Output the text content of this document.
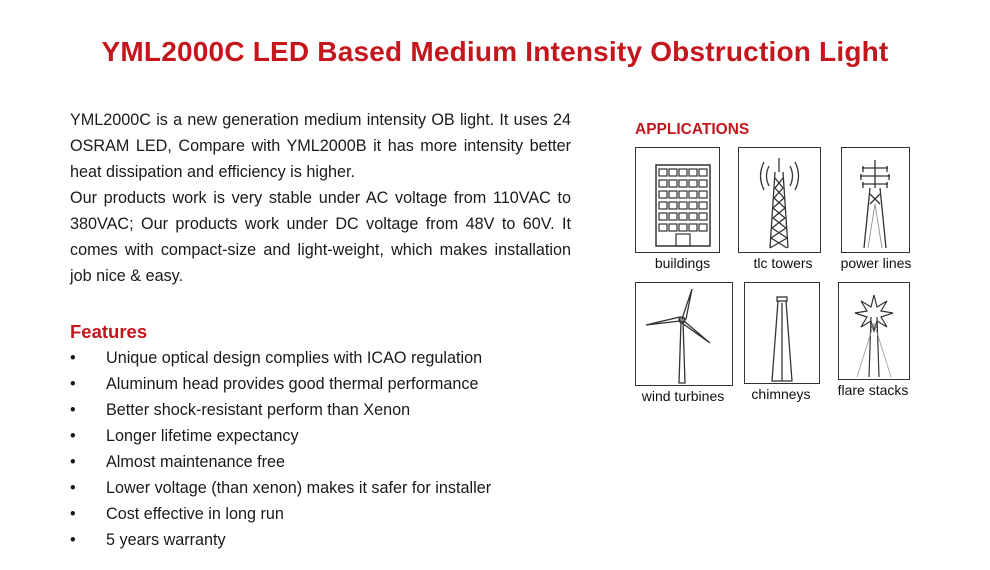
YML2000C LED Based Medium Intensity Obstruction Light

YML2000C is a new generation medium intensity OB light. It uses 24 OSRAM LED, Compare with YML2000B it has more intensity better heat dissipation and efficiency is higher.

Our products work is very stable under AC voltage from 110VAC to 380VAC; Our products work under DC voltage from 48V to 60V. It comes with compact-size and light-weight, which makes installation job nice & easy.

Features
• Unique optical design complies with ICAO regulation
• Aluminum head provides good thermal performance
• Better shock-resistant perform than Xenon
• Longer lifetime expectancy
• Almost maintenance free
• Lower voltage (than xenon) makes it safer for installer
• Cost effective in long run
• 5 years warranty
APPLICATIONS
buildings	tlc towers	power lines
wind turbines	chimneys	flare stacks
